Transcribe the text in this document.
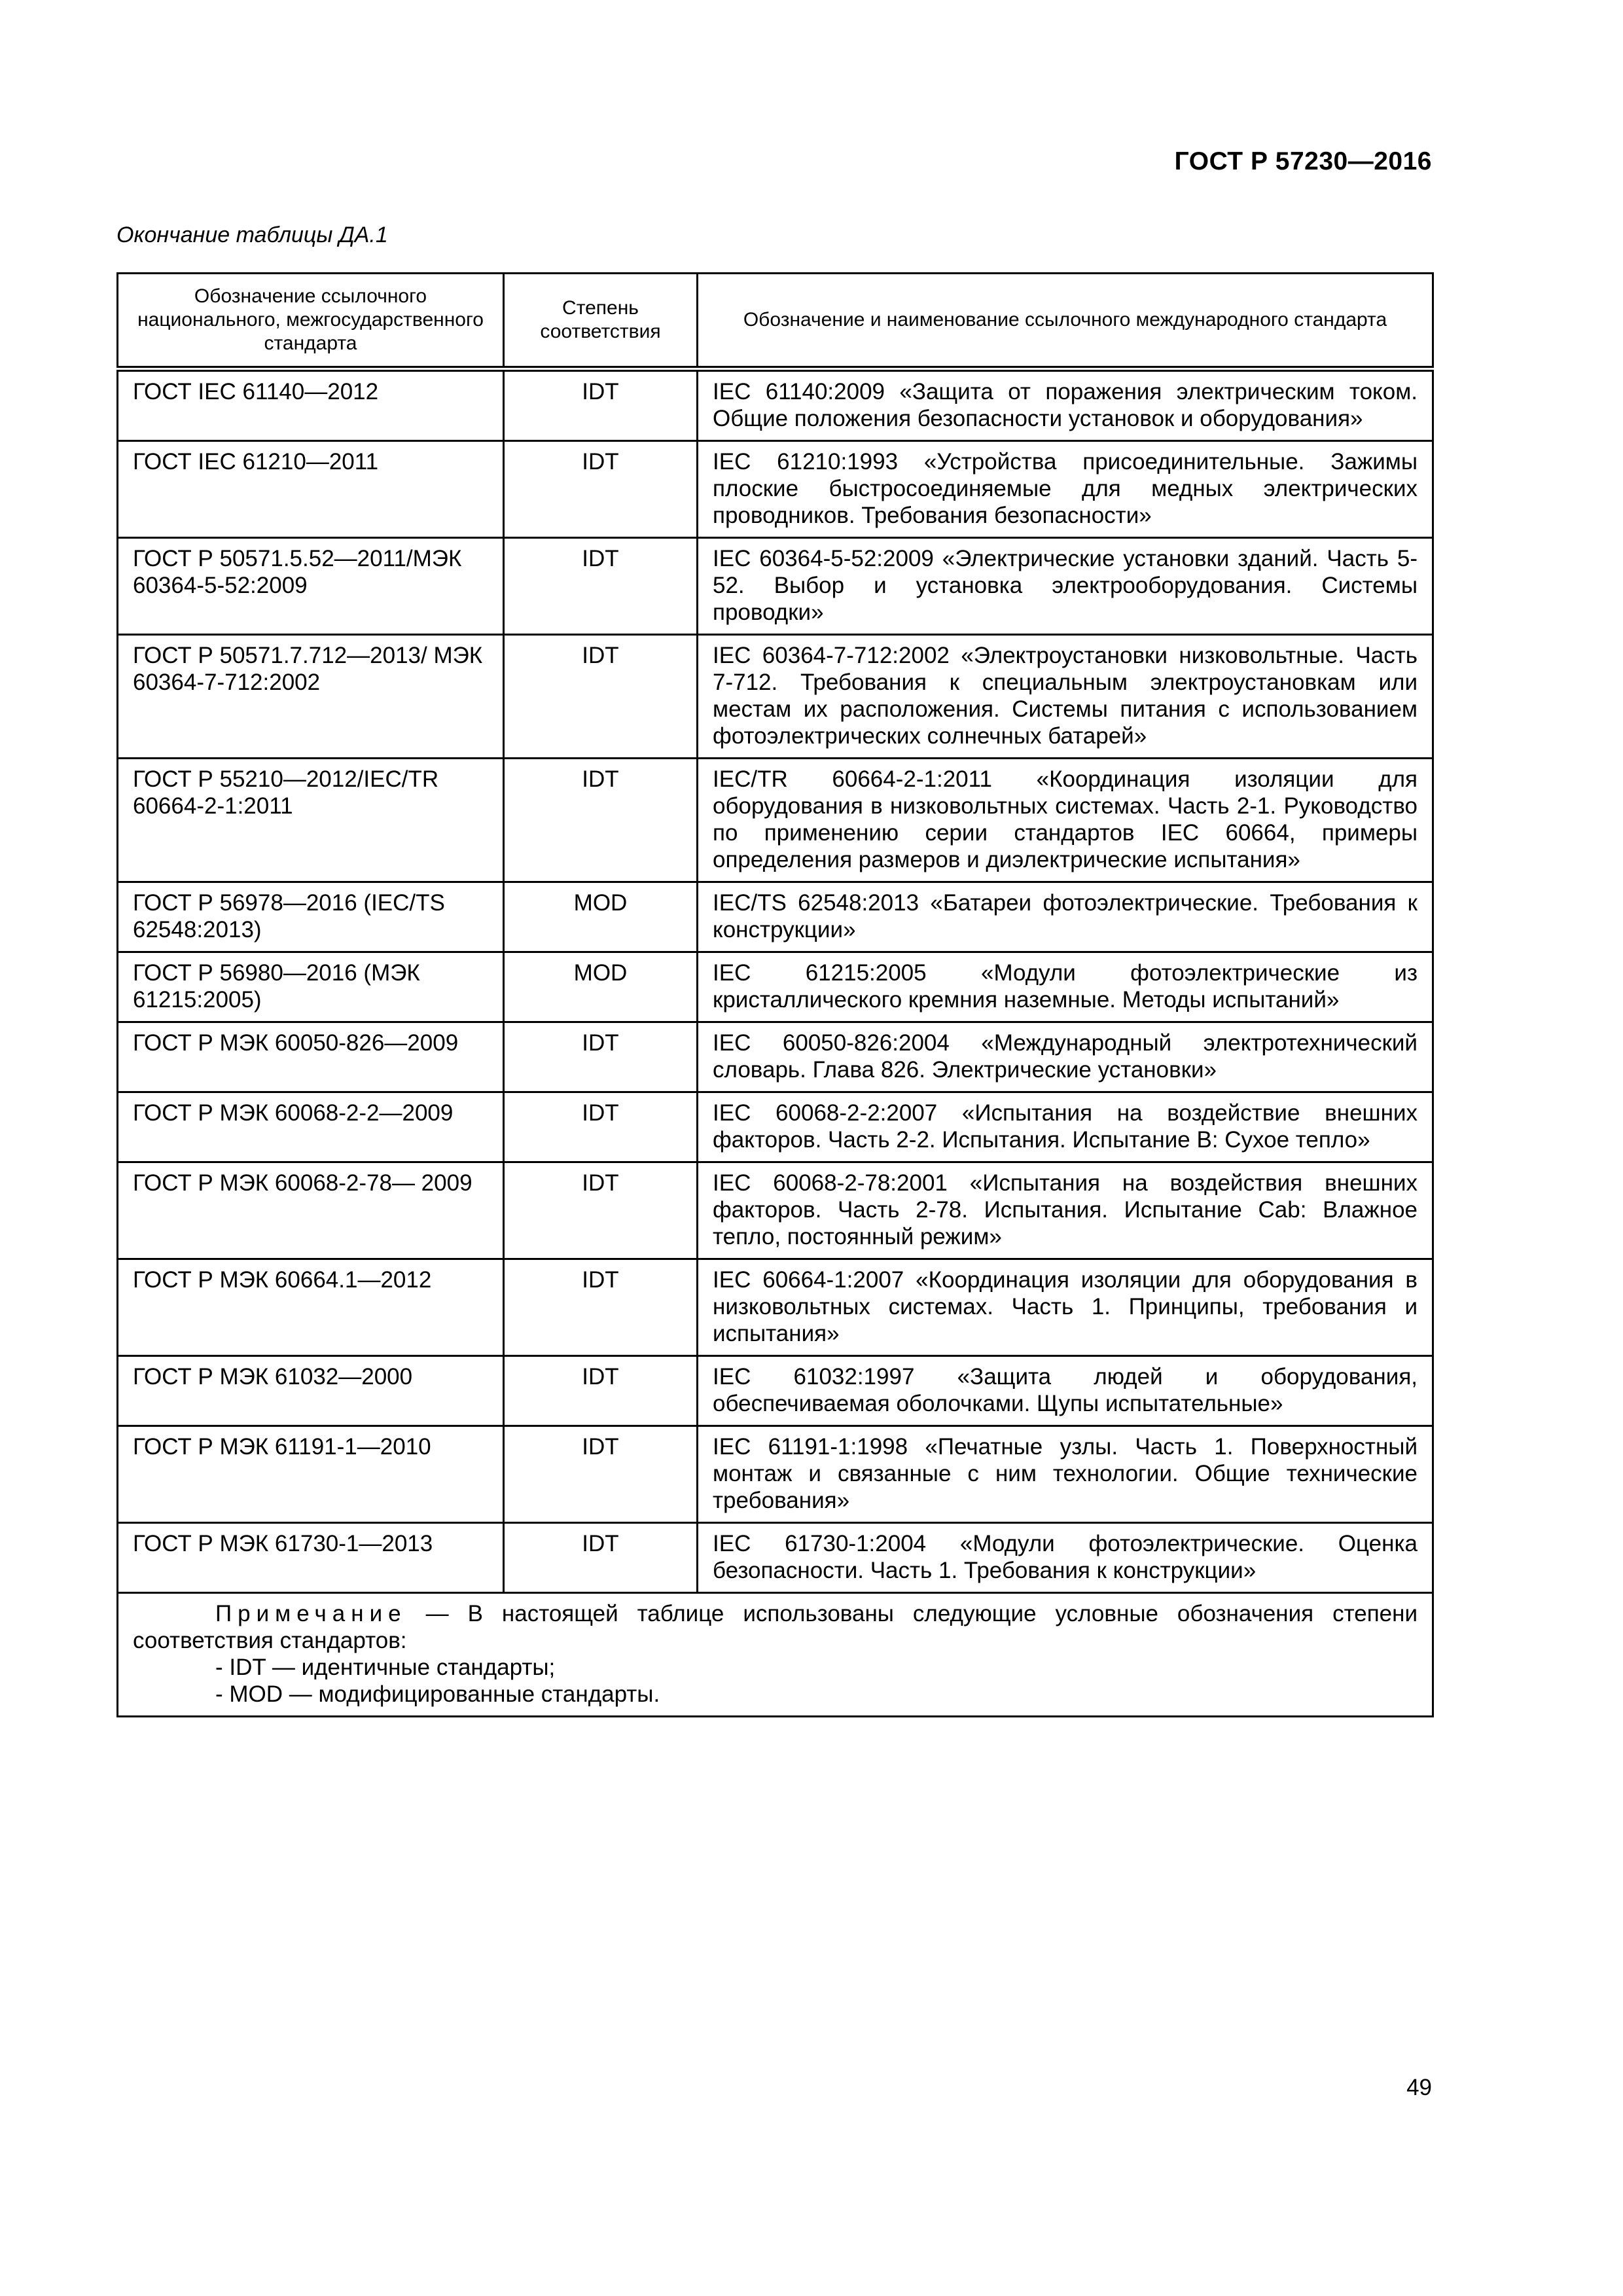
ГОСТ Р 57230—2016
Окончание таблицы ДА.1
Обозначение ссылочного национального, межгосударственного стандарта	Степень соответствия	Обозначение и наименование ссылочного международного стандарта
ГОСТ IEC 61140—2012	IDT	IEC 61140:2009 «Защита от поражения электрическим током. Общие положения безопасности установок и оборудования»
ГОСТ IEC 61210—2011	IDT	IEC 61210:1993 «Устройства присоединительные. Зажимы плоские быстросоединяемые для медных электрических проводников. Требования безопасности»
ГОСТ Р 50571.5.52—2011/МЭК 60364-5-52:2009	IDT	IEC 60364-5-52:2009 «Электрические установки зданий. Часть 5-52. Выбор и установка электрооборудования. Системы проводки»
ГОСТ Р 50571.7.712—2013/ МЭК 60364-7-712:2002	IDT	IEC 60364-7-712:2002 «Электроустановки низковольтные. Часть 7-712. Требования к специальным электроустановкам или местам их расположения. Системы питания с использованием фотоэлектрических солнечных батарей»
ГОСТ Р 55210—2012/IEC/TR 60664-2-1:2011	IDT	IEC/TR 60664-2-1:2011 «Координация изоляции для оборудования в низковольтных системах. Часть 2-1. Руководство по применению серии стандартов IEC 60664, примеры определения размеров и диэлектрические испытания»
ГОСТ Р 56978—2016 (IEC/TS 62548:2013)	MOD	IEC/TS 62548:2013 «Батареи фотоэлектрические. Требования к конструкции»
ГОСТ Р 56980—2016 (МЭК 61215:2005)	MOD	IEC 61215:2005 «Модули фотоэлектрические из кристаллического кремния наземные. Методы испытаний»
ГОСТ Р МЭК 60050-826—2009	IDT	IEC 60050-826:2004 «Международный электротехнический словарь. Глава 826. Электрические установки»
ГОСТ Р МЭК 60068-2-2—2009	IDT	IEC 60068-2-2:2007 «Испытания на воздействие внешних факторов. Часть 2-2. Испытания. Испытание В: Сухое тепло»
ГОСТ Р МЭК 60068-2-78— 2009	IDT	IEC 60068-2-78:2001 «Испытания на воздействия внешних факторов. Часть 2-78. Испытания. Испытание Cab: Влажное тепло, постоянный режим»
ГОСТ Р МЭК 60664.1—2012	IDT	IEC 60664-1:2007 «Координация изоляции для оборудования в низковольтных системах. Часть 1. Принципы, требования и испытания»
ГОСТ Р МЭК 61032—2000	IDT	IEC 61032:1997 «Защита людей и оборудования, обеспечиваемая оболочками. Щупы испытательные»
ГОСТ Р МЭК 61191-1—2010	IDT	IEC 61191-1:1998 «Печатные узлы. Часть 1. Поверхностный монтаж и связанные с ним технологии. Общие технические требования»
ГОСТ Р МЭК 61730-1—2013	IDT	IEC 61730-1:2004 «Модули фотоэлектрические. Оценка безопасности. Часть 1. Требования к конструкции»

Примечание — В настоящей таблице использованы следующие условные обозначения степени соответствия стандартов:
- IDT — идентичные стандарты;
- MOD — модифицированные стандарты.		
49
